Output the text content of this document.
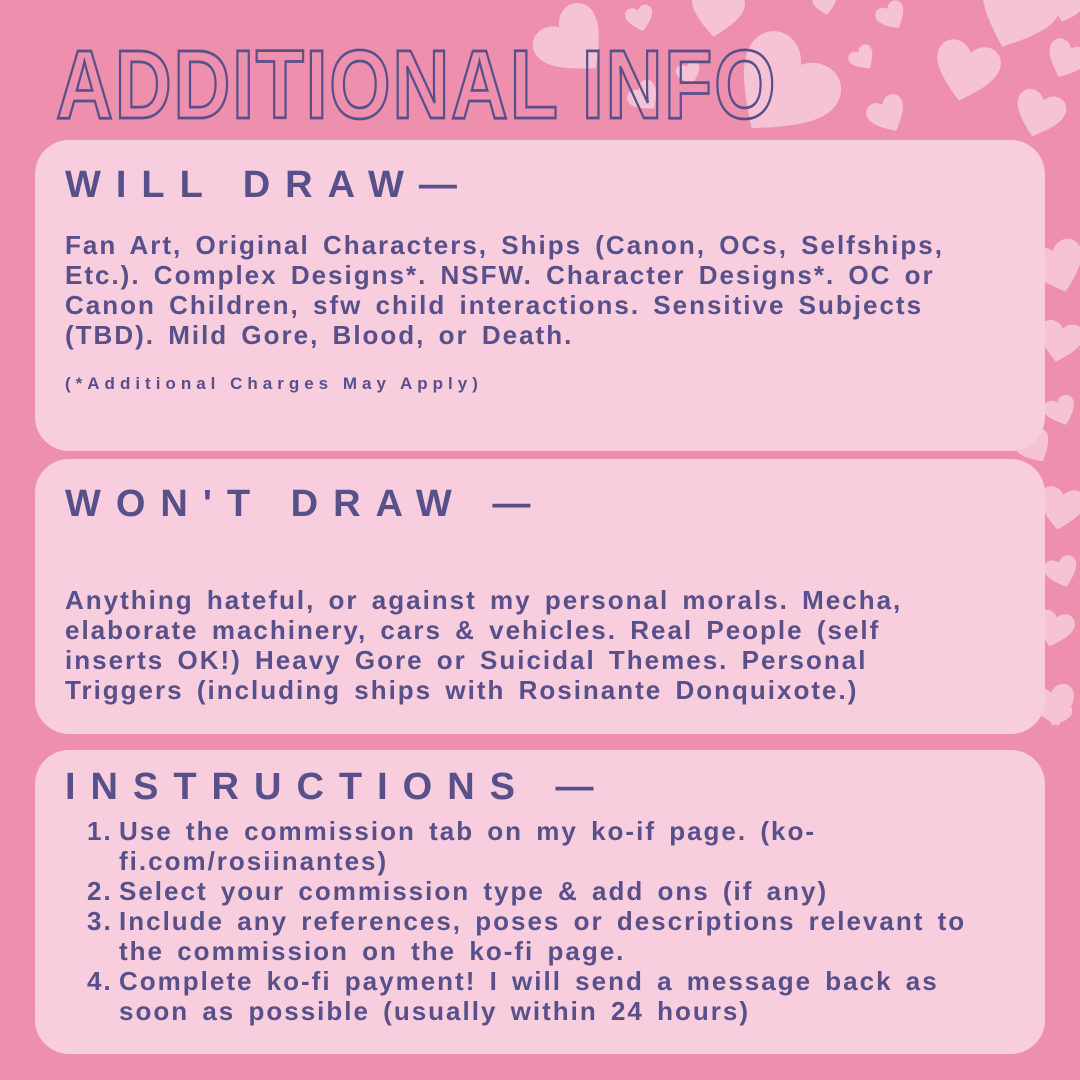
ADDITIONAL INFO
WILL DRAW—
Fan Art, Original Characters, Ships (Canon, OCs, Selfships, Etc.). Complex Designs*. NSFW. Character Designs*. OC or Canon Children, sfw child interactions. Sensitive Subjects (TBD). Mild Gore, Blood, or Death.
(*Additional Charges May Apply)
WON'T DRAW —
Anything hateful, or against my personal morals. Mecha, elaborate machinery, cars & vehicles. Real People (self inserts OK!) Heavy Gore or Suicidal Themes. Personal Triggers (including ships with Rosinante Donquixote.)
INSTRUCTIONS —
Use the commission tab on my ko-if page. (ko-fi.com/rosiinantes)
Select your commission type & add ons (if any)
Include any references, poses or descriptions relevant to the commission on the ko-fi page.
Complete ko-fi payment! I will send a message back as soon as possible (usually within 24 hours)
